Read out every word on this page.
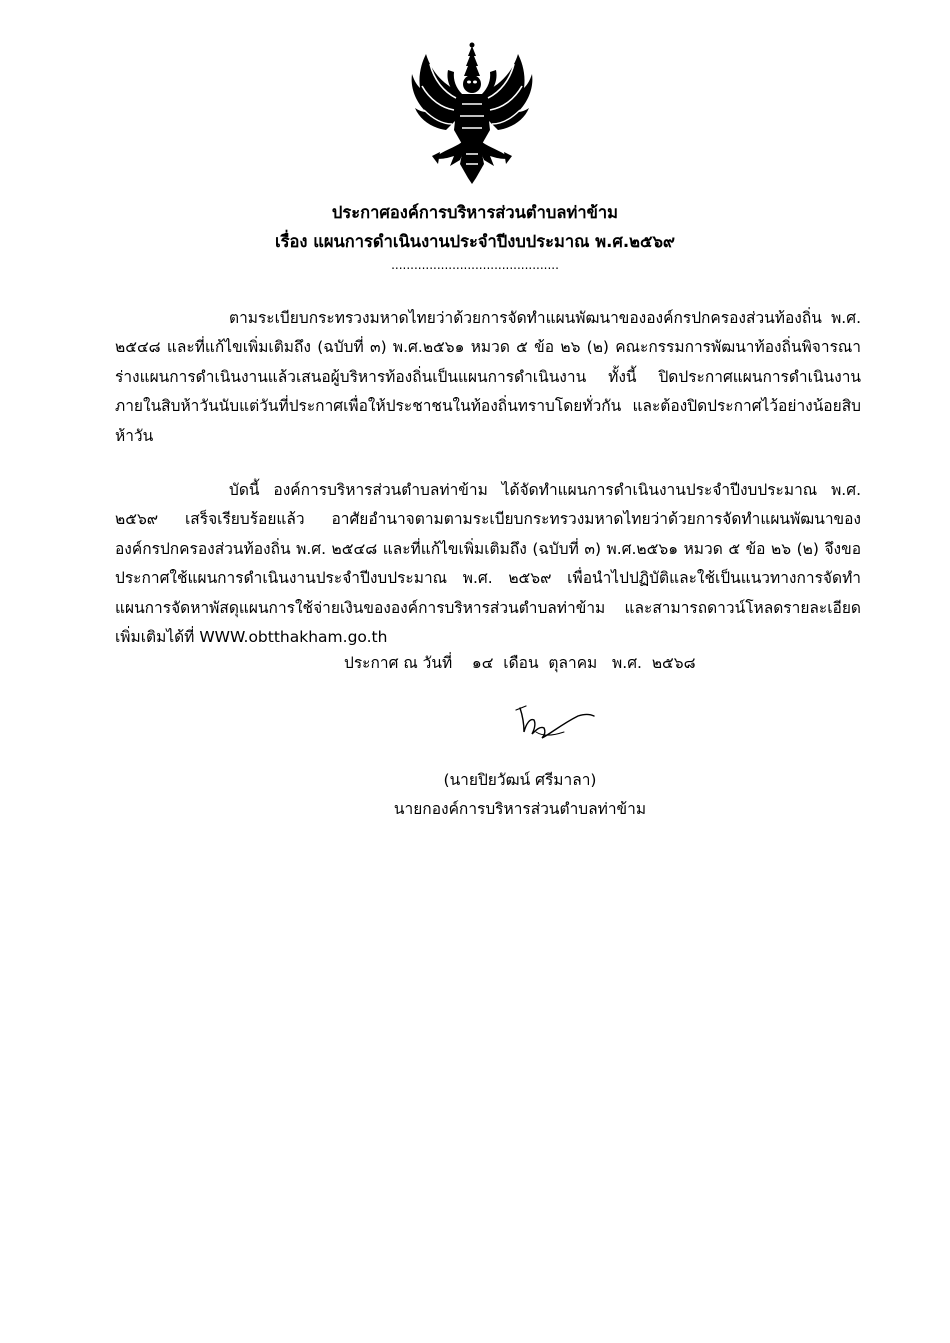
ประกาศองค์การบริหารส่วนตำบลท่าข้าม
เรื่อง แผนการดำเนินงานประจำปีงบประมาณ พ.ศ.๒๕๖๙
............................................

ตามระเบียบกระทรวงมหาดไทยว่าด้วยการจัดทำแผนพัฒนาขององค์กรปกครองส่วนท้องถิ่น พ.ศ. ๒๕๔๘ และที่แก้ไขเพิ่มเติมถึง (ฉบับที่ ๓) พ.ศ.๒๕๖๑ หมวด ๕ ข้อ ๒๖ (๒) คณะกรรมการพัฒนาท้องถิ่นพิจารณาร่างแผนการดำเนินงานแล้วเสนอผู้บริหารท้องถิ่นเป็นแผนการดำเนินงาน ทั้งนี้ ปิดประกาศแผนการดำเนินงานภายในสิบห้าวันนับแต่วันที่ประกาศเพื่อให้ประชาชนในท้องถิ่นทราบโดยทั่วกัน และต้องปิดประกาศไว้อย่างน้อยสิบห้าวัน

บัดนี้ องค์การบริหารส่วนตำบลท่าข้าม ได้จัดทำแผนการดำเนินงานประจำปีงบประมาณ พ.ศ. ๒๕๖๙ เสร็จเรียบร้อยแล้ว อาศัยอำนาจตามตามระเบียบกระทรวงมหาดไทยว่าด้วยการจัดทำแผนพัฒนาขององค์กรปกครองส่วนท้องถิ่น พ.ศ. ๒๕๔๘ และที่แก้ไขเพิ่มเติมถึง (ฉบับที่ ๓) พ.ศ.๒๕๖๑ หมวด ๕ ข้อ ๒๖ (๒) จึงขอประกาศใช้แผนการดำเนินงานประจำปีงบประมาณ พ.ศ. ๒๕๖๙ เพื่อนำไปปฏิบัติและใช้เป็นแนวทางการจัดทำแผนการจัดหาพัสดุแผนการใช้จ่ายเงินขององค์การบริหารส่วนตำบลท่าข้าม และสามารถดาวน์โหลดรายละเอียดเพิ่มเติมได้ที่ WWW.obtthakham.go.th

ประกาศ ณ วันที่    ๑๔  เดือน  ตุลาคม   พ.ศ.  ๒๕๖๘
(นายปิยวัฒน์ ศรีมาลา)
นายกองค์การบริหารส่วนตำบลท่าข้าม
